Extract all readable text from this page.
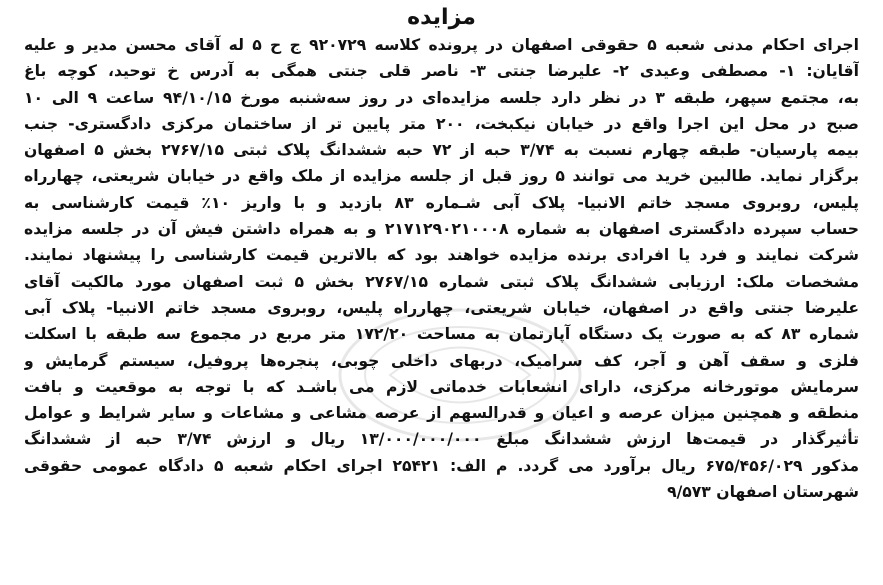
مزایده
اجرای احکام مدنی شعبه ۵ حقوقی اصفهان در پرونده کلاسه ۹۲۰۷۲۹ ج ح ۵ له آقای محسن مدیر و علیه
آقایان: ۱- مصطفی وعیدی ۲- علیرضا جنتی ۳- ناصر قلی جنتی همگی به آدرس خ توحید، کوچه باغ
به، مجتمع سپهر، طبقه ۳ در نظر دارد جلسه مزایده‌ای در روز سه‌شنبه مورخ ۹۴/۱۰/۱۵ ساعت ۹ الی ۱۰
صبح در محل این اجرا واقع در خیابان نیکبخت، ۲۰۰ متر پایین تر از ساختمان مرکزی دادگستری- جنب
بیمه پارسیان- طبقه چهارم نسبت به ۳/۷۴ حبه از ۷۲ حبه ششدانگ پلاک ثبتی ۲۷۶۷/۱۵ بخش ۵ اصفهان
برگزار نماید. طالبین خرید می توانند ۵ روز قبل از جلسه مزایده از ملک واقع در خیابان شریعتی، چهارراه
پلیس، روبروی مسجد خاتم الانبیا- پلاک آبی شـماره ۸۳ بازدید و با واریز ۱۰٪ قیمت کارشناسی به
حساب سپرده دادگستری اصفهان به شماره ۲۱۷۱۲۹۰۲۱۰۰۰۸ و به همراه داشتن فیش آن در جلسه مزایده
شرکت نمایند و فرد یا افرادی برنده مزایده خواهند بود که بالاترین قیمت کارشناسی را پیشنهاد نمایند.
مشخصات ملک: ارزیابی ششدانگ پلاک ثبتی شماره ۲۷۶۷/۱۵ بخش ۵ ثبت اصفهان مورد مالکیت آقای
علیرضا جنتی واقع در اصفهان، خیابان شریعتی، چهارراه پلیس، روبروی مسجد خاتم الانبیا- پلاک آبی
شماره ۸۳ که به صورت یک دستگاه آپارتمان به مساحت ۱۷۲/۲۰ متر مربع در مجموع سه طبقه با اسکلت
فلزی و سقف آهن و آجر، کف سرامیک، دربهای داخلی چوبی، پنجره‌ها پروفیل، سیستم گرمایش و
سرمایش موتورخانه مرکزی، دارای انشعابات خدماتی لازم می باشـد که با توجه به موقعیت و بافت
منطقه و همچنین میزان عرصه و اعیان و قدرالسهم از عرصه مشاعی و مشاعات و سایر شرایط و عوامل
تأثیرگذار در قیمت‌ها ارزش ششدانگ مبلغ ۱۳/۰۰۰/۰۰۰/۰۰۰ ریال و ارزش ۳/۷۴ حبه از ششدانگ
مذکور ۶۷۵/۴۵۶/۰۲۹ ریال برآورد می گردد. م الف: ۲۵۴۲۱ اجرای احکام شعبه ۵ دادگاه عمومی حقوقی
شهرستان اصفهان ۹/۵۷۳
